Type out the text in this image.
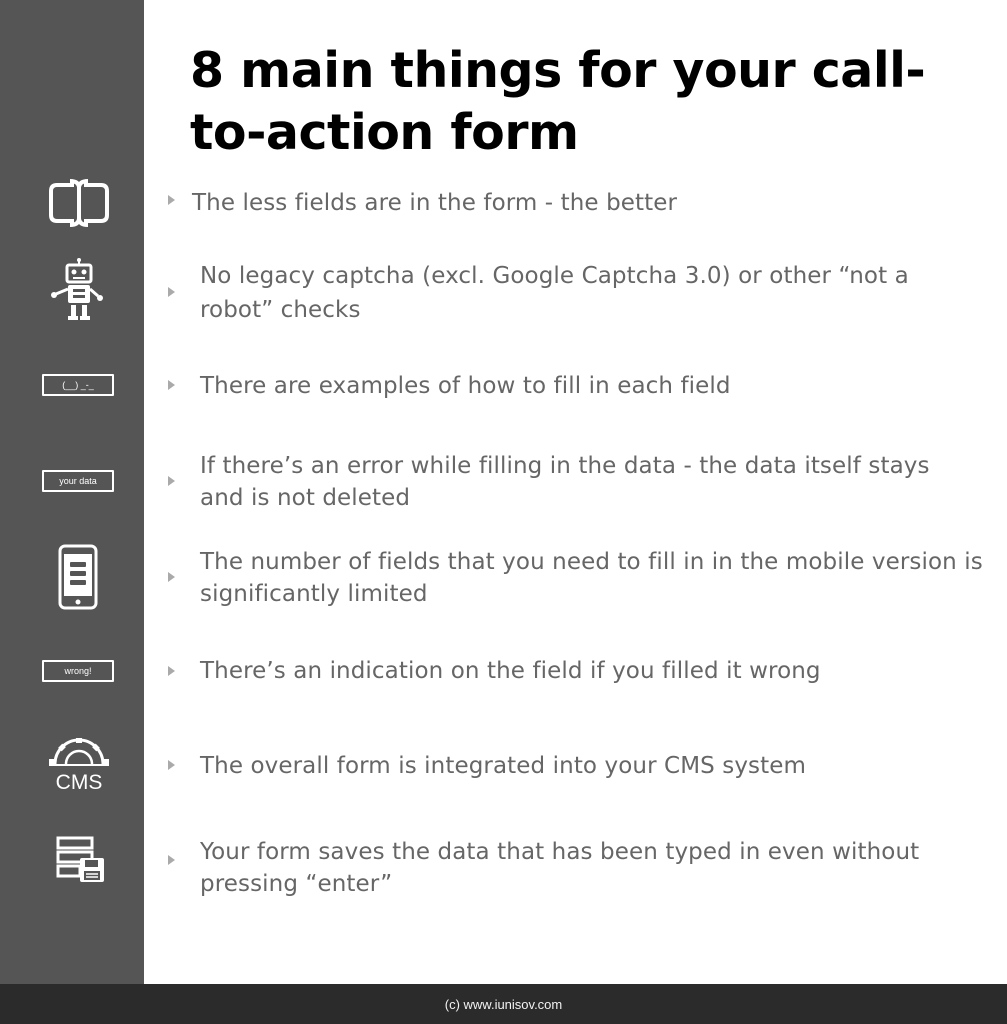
8 main things for your call-to-action form

The less fields are in the form - the better

No legacy captcha (excl. Google Captcha 3.0) or other “not a robot” checks

(__) _-_	There are examples of how to fill in each field

your data

If there’s an error while filling in the data - the data itself stays and is not deleted

The number of fields that you need to fill in in the mobile version is significantly limited

wrong!	There’s an indication on the field if you filled it wrong

CMS

The overall form is integrated into your CMS system

Your form saves the data that has been typed in even without pressing “enter”

(c) www.iunisov.com
